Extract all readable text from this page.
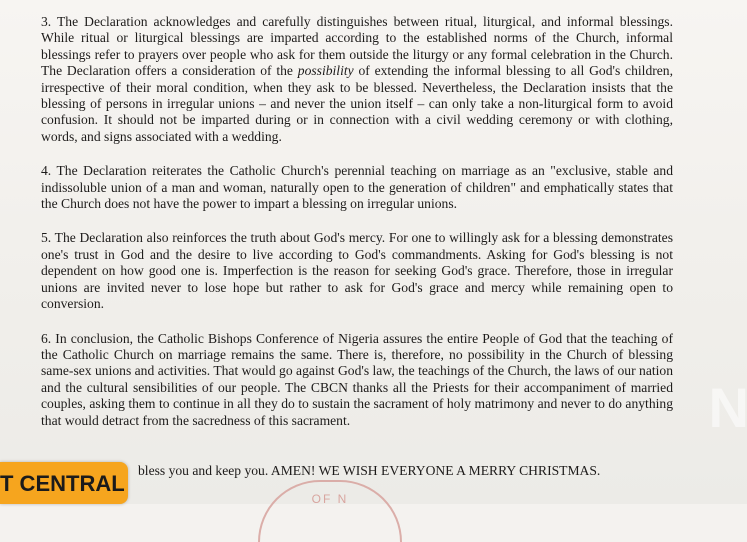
3. The Declaration acknowledges and carefully distinguishes between ritual, liturgical, and informal blessings. While ritual or liturgical blessings are imparted according to the established norms of the Church, informal blessings refer to prayers over people who ask for them outside the liturgy or any formal celebration in the Church. The Declaration offers a consideration of the possibility of extending the informal blessing to all God's children, irrespective of their moral condition, when they ask to be blessed. Nevertheless, the Declaration insists that the blessing of persons in irregular unions – and never the union itself – can only take a non-liturgical form to avoid confusion. It should not be imparted during or in connection with a civil wedding ceremony or with clothing, words, and signs associated with a wedding.

4. The Declaration reiterates the Catholic Church's perennial teaching on marriage as an "exclusive, stable and indissoluble union of a man and woman, naturally open to the generation of children" and emphatically states that the Church does not have the power to impart a blessing on irregular unions.

5. The Declaration also reinforces the truth about God's mercy. For one to willingly ask for a blessing demonstrates one's trust in God and the desire to live according to God's commandments. Asking for God's blessing is not dependent on how good one is. Imperfection is the reason for seeking God's grace. Therefore, those in irregular unions are invited never to lose hope but rather to ask for God's grace and mercy while remaining open to conversion.

6. In conclusion, the Catholic Bishops Conference of Nigeria assures the entire People of God that the teaching of the Catholic Church on marriage remains the same. There is, therefore, no possibility in the Church of blessing same-sex unions and activities. That would go against God's law, the teachings of the Church, the laws of our nation and the cultural sensibilities of our people. The CBCN thanks all the Priests for their accompaniment of married couples, asking them to continue in all they do to sustain the sacrament of holy matrimony and never to do anything that would detract from the sacredness of this sacrament.

bless you and keep you. AMEN! WE WISH EVERYONE A MERRY CHRISTMAS.
OF N
N
T CENTRAL
